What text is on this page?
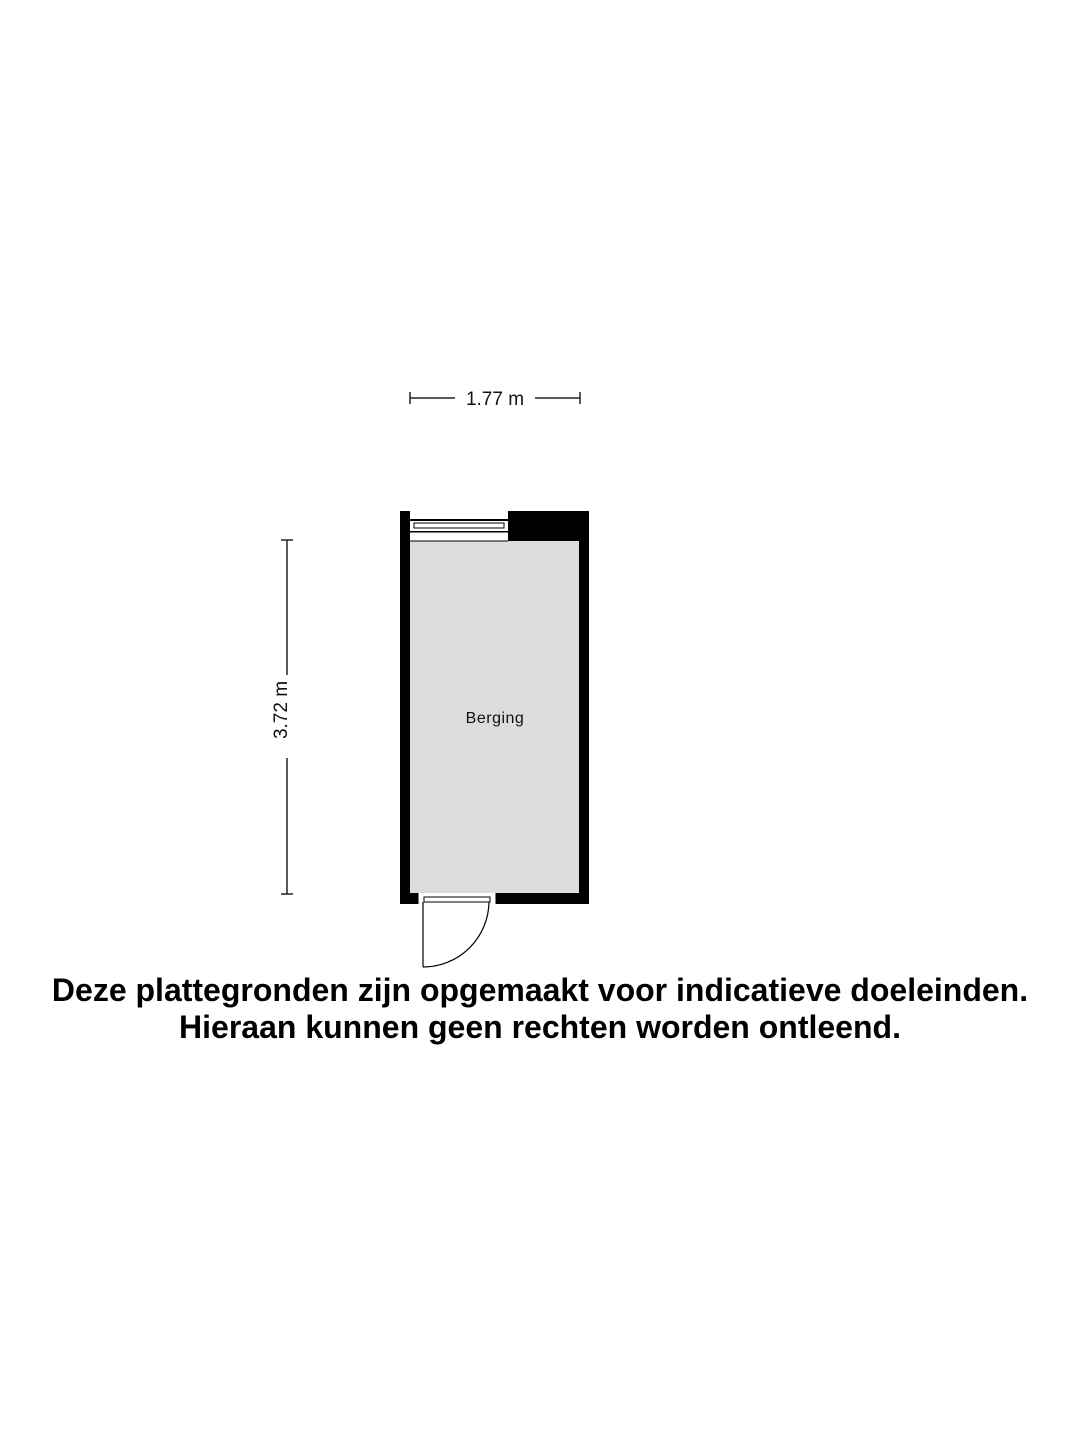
1.77 m
3.72 m	Berging
Deze plattegronden zijn opgemaakt voor indicatieve doeleinden.
Hieraan kunnen geen rechten worden ontleend.
